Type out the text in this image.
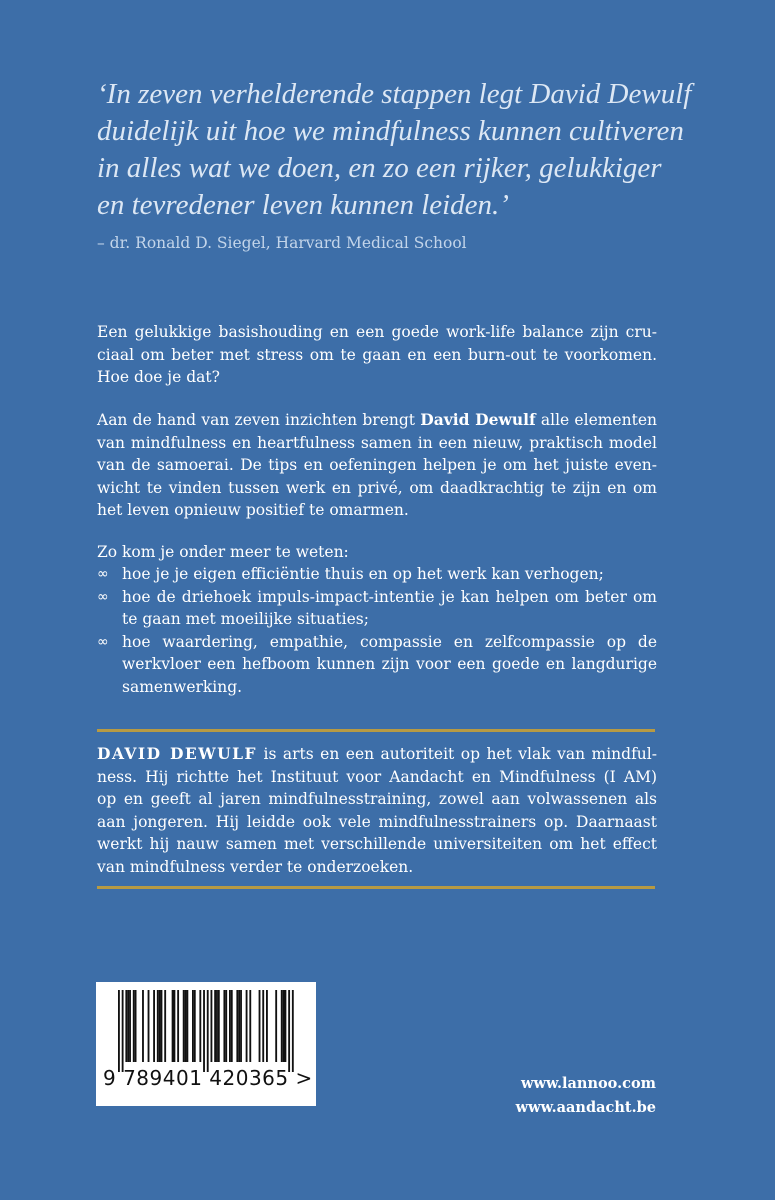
‘In zeven verhelderende stappen legt David Dewulf
duidelijk uit hoe we mindfulness kunnen cultiveren
in alles wat we doen, en zo een rijker, gelukkiger
en tevredener leven kunnen leiden.’
– dr. Ronald D. Siegel, Harvard Medical School
Een gelukkige basishouding en een goede work-life balance zijn cru-
ciaal om beter met stress om te gaan en een burn-out te voorkomen.
Hoe doe je dat?
Aan de hand van zeven inzichten brengt David Dewulf alle elementen
van mindfulness en heartfulness samen in een nieuw, praktisch model
van de samoerai. De tips en oefeningen helpen je om het juiste even-
wicht te vinden tussen werk en privé, om daadkrachtig te zijn en om
het leven opnieuw positief te omarmen.
Zo kom je onder meer te weten:
∞ hoe je je eigen efficiëntie thuis en op het werk kan verhogen;
∞ hoe de driehoek impuls-impact-intentie je kan helpen om beter om
te gaan met moeilijke situaties;
∞ hoe waardering, empathie, compassie en zelfcompassie op de
werkvloer een hefboom kunnen zijn voor een goede en langdurige
samenwerking.
DAVID DEWULF is arts en een autoriteit op het vlak van mindful-
ness. Hij richtte het Instituut voor Aandacht en Mindfulness (I AM)
op en geeft al jaren mindfulnesstraining, zowel aan volwassenen als
aan jongeren. Hij leidde ook vele mindfulnesstrainers op. Daarnaast
werkt hij nauw samen met verschillende universiteiten om het effect
van mindfulness verder te onderzoeken.
9 789401 420365 >	www.lannoo.com
www.aandacht.be
